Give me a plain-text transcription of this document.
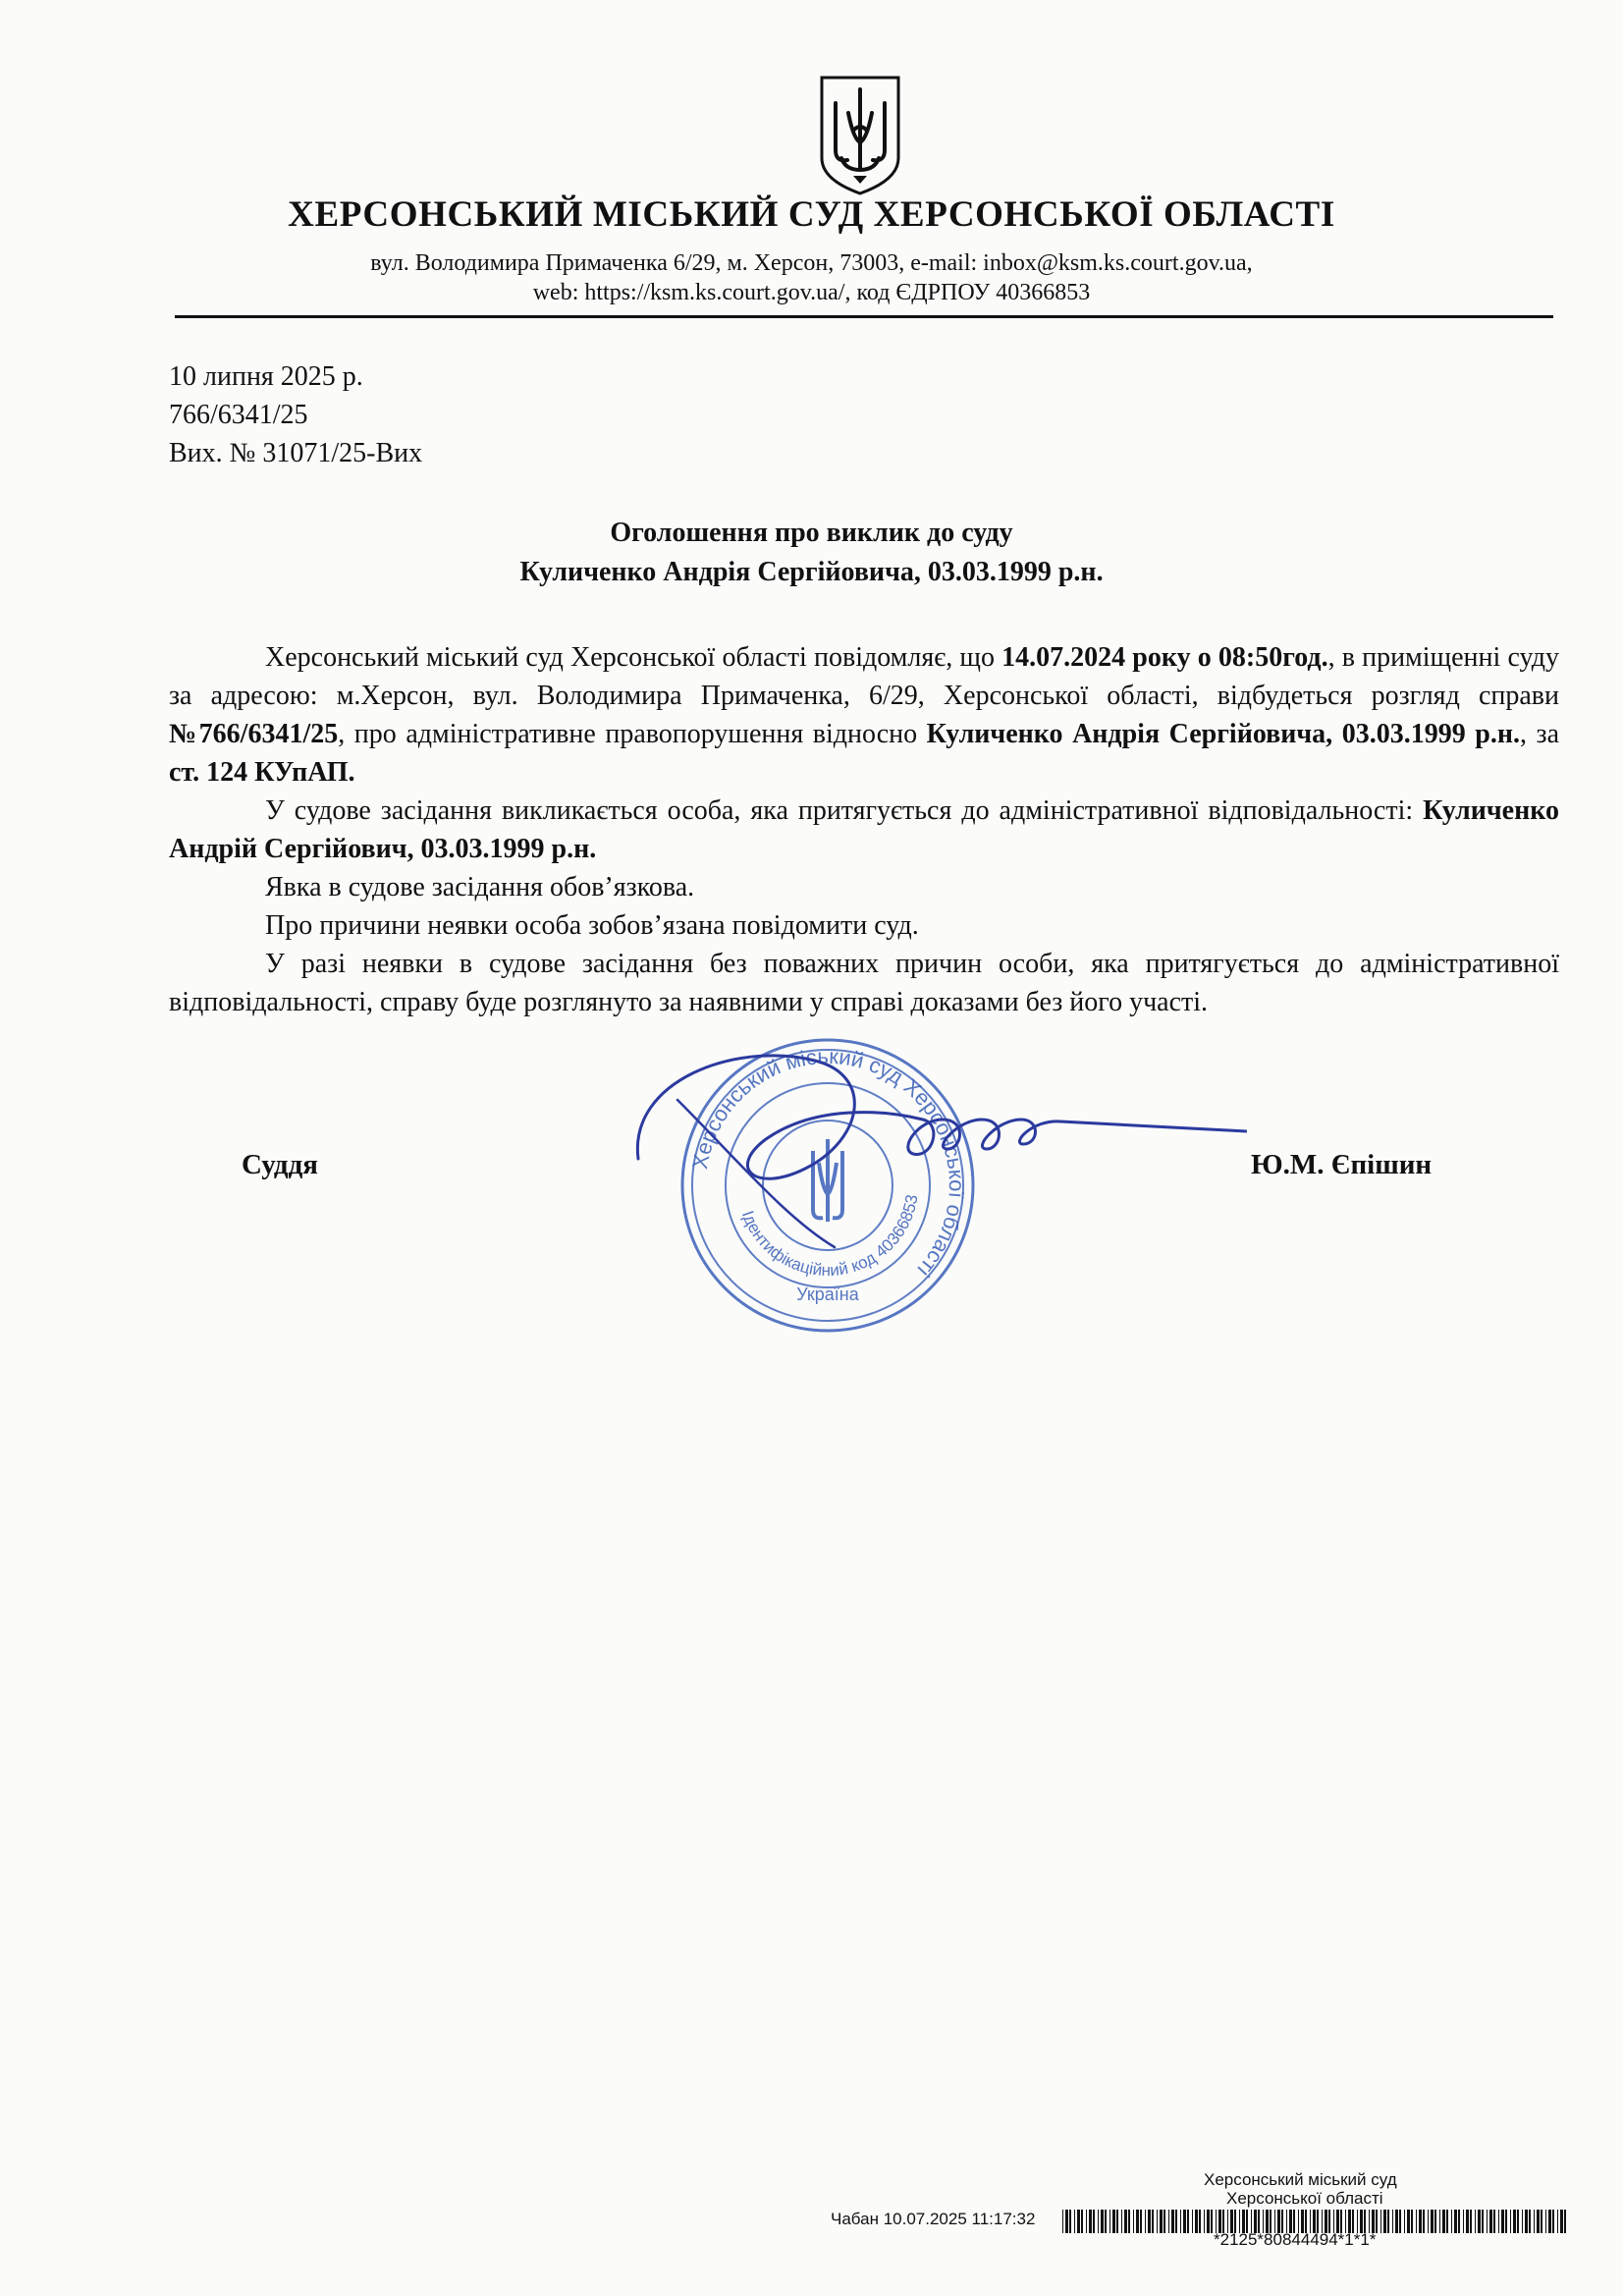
ХЕРСОНСЬКИЙ МІСЬКИЙ СУД ХЕРСОНСЬКОЇ ОБЛАСТІ
вул. Володимира Примаченка 6/29, м. Херсон, 73003, e-mail: inbox@ksm.ks.court.gov.ua,
web: https://ksm.ks.court.gov.ua/, код ЄДРПОУ 40366853
10 липня 2025 р.
766/6341/25
Вих. № 31071/25-Вих
Оголошення про виклик до суду
Куличенко Андрія Сергійовича, 03.03.1999 р.н.

Херсонський міський суд Херсонської області повідомляє, що 14.07.2024 року о 08:50год., в приміщенні суду за адресою: м.Херсон, вул. Володимира Примаченка, 6/29, Херсонської області, відбудеться розгляд справи №766/6341/25, про адміністративне правопорушення відносно Куличенко Андрія Сергійовича, 03.03.1999 р.н., за ст. 124 КУпАП.

У судове засідання викликається особа, яка притягується до адміністративної відповідальності: Куличенко Андрій Сергійович, 03.03.1999 р.н.

Явка в судове засідання обов’язкова.

Про причини неявки особа зобов’язана повідомити суд.

У разі неявки в судове засідання без поважних причин особи, яка притягується до адміністративної відповідальності, справу буде розглянуто за наявними у справі доказами без його участі.

Херсонський міський суд Херсонської області
Ідентифікаційний код 40366853
Україна
Суддя	Ю.М. Єпішин
Херсонський міський суд
Херсонської області
Чабан 10.07.2025 11:17:32
*2125*80844494*1*1*
